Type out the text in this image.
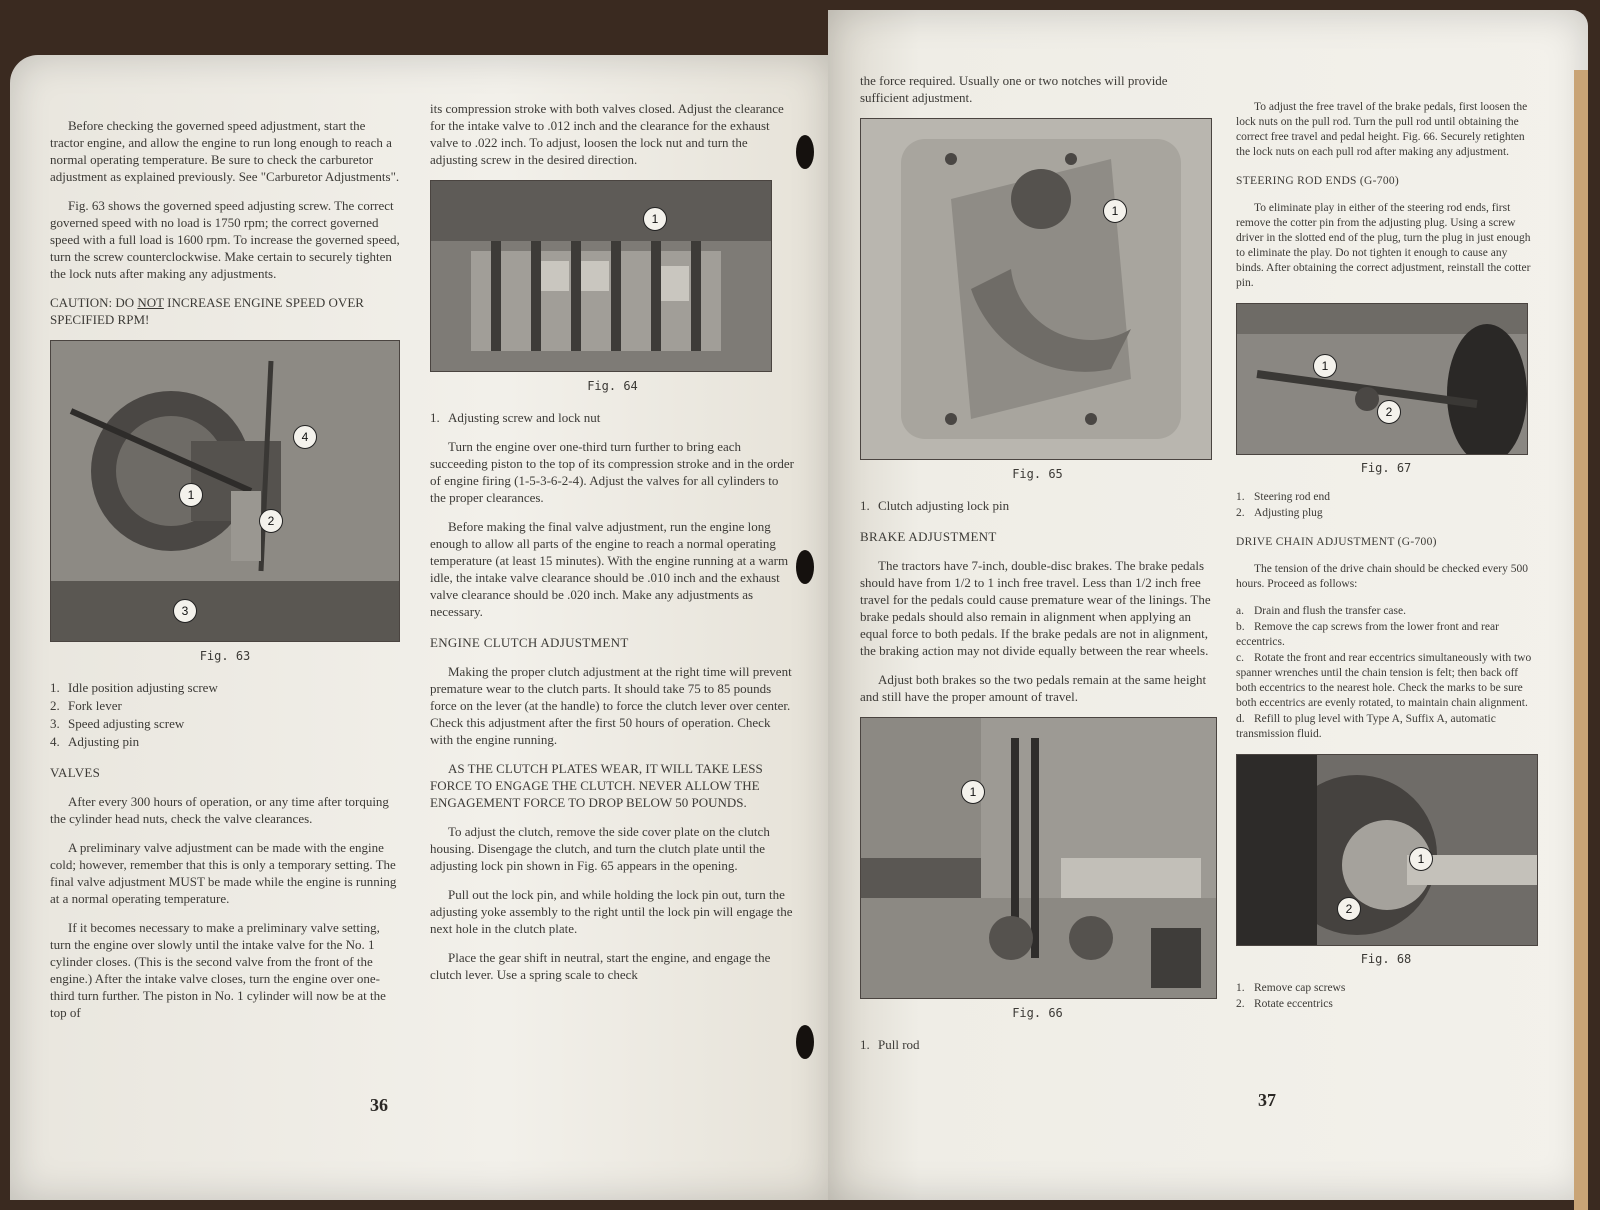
Before checking the governed speed adjustment, start the tractor engine, and allow the engine to run long enough to reach a normal operating temperature. Be sure to check the carburetor adjustment as explained previously. See "Carburetor Adjustments".

Fig. 63 shows the governed speed adjusting screw. The correct governed speed with no load is 1750 rpm; the correct governed speed with a full load is 1600 rpm. To increase the governed speed, turn the screw counterclockwise. Make certain to securely tighten the lock nuts after making any adjustments.

CAUTION: DO NOT INCREASE ENGINE SPEED OVER SPECIFIED RPM!

1
2
3
4
Fig. 63
1. Idle position adjusting screw
2. Fork lever
3. Speed adjusting screw
4. Adjusting pin

VALVES

After every 300 hours of operation, or any time after torquing the cylinder head nuts, check the valve clearances.

A preliminary valve adjustment can be made with the engine cold; however, remember that this is only a temporary setting. The final valve adjustment MUST be made while the engine is running at a normal operating temperature.

If it becomes necessary to make a preliminary valve setting, turn the engine over slowly until the intake valve for the No. 1 cylinder closes. (This is the second valve from the front of the engine.) After the intake valve closes, turn the engine over one-third turn further. The piston in No. 1 cylinder will now be at the top of

its compression stroke with both valves closed. Adjust the clearance for the intake valve to .012 inch and the clearance for the exhaust valve to .022 inch. To adjust, loosen the lock nut and turn the adjusting screw in the desired direction.

1
Fig. 64
1. Adjusting screw and lock nut

Turn the engine over one-third turn further to bring each succeeding piston to the top of its compression stroke and in the order of engine firing (1-5-3-6-2-4). Adjust the valves for all cylinders to the proper clearances.

Before making the final valve adjustment, run the engine long enough to allow all parts of the engine to reach a normal operating temperature (at least 15 minutes). With the engine running at a warm idle, the intake valve clearance should be .010 inch and the exhaust valve clearance should be .020 inch. Make any adjustments as necessary.

ENGINE CLUTCH ADJUSTMENT

Making the proper clutch adjustment at the right time will prevent premature wear to the clutch parts. It should take 75 to 85 pounds force on the lever (at the handle) to force the clutch lever over center. Check this adjustment after the first 50 hours of operation. Check with the engine running.

AS THE CLUTCH PLATES WEAR, IT WILL TAKE LESS FORCE TO ENGAGE THE CLUTCH. NEVER ALLOW THE ENGAGEMENT FORCE TO DROP BELOW 50 POUNDS.

To adjust the clutch, remove the side cover plate on the clutch housing. Disengage the clutch, and turn the clutch plate until the adjusting lock pin shown in Fig. 65 appears in the opening.

Pull out the lock pin, and while holding the lock pin out, turn the adjusting yoke assembly to the right until the lock pin will engage the next hole in the clutch plate.

Place the gear shift in neutral, start the engine, and engage the clutch lever. Use a spring scale to check

36

the force required. Usually one or two notches will provide sufficient adjustment.

1
Fig. 65
1. Clutch adjusting lock pin

BRAKE ADJUSTMENT

The tractors have 7-inch, double-disc brakes. The brake pedals should have from 1/2 to 1 inch free travel. Less than 1/2 inch free travel for the pedals could cause premature wear of the linings. The brake pedals should also remain in alignment when applying an equal force to both pedals. If the brake pedals are not in alignment, the braking action may not divide equally between the rear wheels.

Adjust both brakes so the two pedals remain at the same height and still have the proper amount of travel.

1
Fig. 66
1. Pull rod

To adjust the free travel of the brake pedals, first loosen the lock nuts on the pull rod. Turn the pull rod until obtaining the correct free travel and pedal height. Fig. 66. Securely retighten the lock nuts on each pull rod after making any adjustment.

STEERING ROD ENDS (G-700)

To eliminate play in either of the steering rod ends, first remove the cotter pin from the adjusting plug. Using a screw driver in the slotted end of the plug, turn the plug in just enough to eliminate the play. Do not tighten it enough to cause any binds. After obtaining the correct adjustment, reinstall the cotter pin.

1
2
Fig. 67
1. Steering rod end
2. Adjusting plug

DRIVE CHAIN ADJUSTMENT (G-700)

The tension of the drive chain should be checked every 500 hours. Proceed as follows:

a. Drain and flush the transfer case.
b. Remove the cap screws from the lower front and rear eccentrics.
c. Rotate the front and rear eccentrics simultaneously with two spanner wrenches until the chain tension is felt; then back off both eccentrics to the nearest hole. Check the marks to be sure both eccentrics are evenly rotated, to maintain chain alignment.
d. Refill to plug level with Type A, Suffix A, automatic transmission fluid.
1
2
Fig. 68
1. Remove cap screws
2. Rotate eccentrics
37
